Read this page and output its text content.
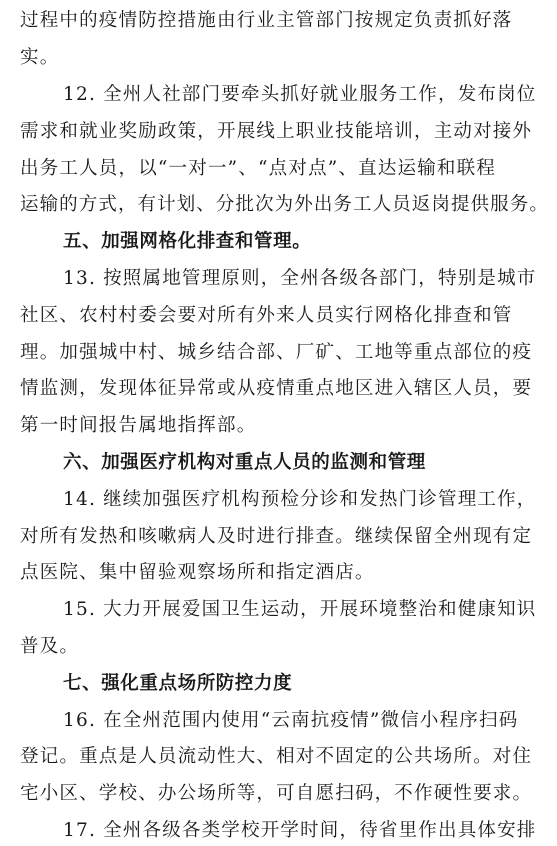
过程中的疫情防控措施由行业主管部门按规定负责抓好落
实。
12. 全州人社部门要牵头抓好就业服务工作，发布岗位
需求和就业奖励政策，开展线上职业技能培训，主动对接外
出务工人员，以“一对一”、“点对点”、直达运输和联程
运输的方式，有计划、分批次为外出务工人员返岗提供服务。
五、加强网格化排查和管理。
13. 按照属地管理原则，全州各级各部门，特别是城市
社区、农村村委会要对所有外来人员实行网格化排查和管
理。加强城中村、城乡结合部、厂矿、工地等重点部位的疫
情监测，发现体征异常或从疫情重点地区进入辖区人员，要
第一时间报告属地指挥部。
六、加强医疗机构对重点人员的监测和管理
14. 继续加强医疗机构预检分诊和发热门诊管理工作，
对所有发热和咳嗽病人及时进行排查。继续保留全州现有定
点医院、集中留验观察场所和指定酒店。
15. 大力开展爱国卫生运动，开展环境整治和健康知识
普及。
七、强化重点场所防控力度
16. 在全州范围内使用“云南抗疫情”微信小程序扫码
登记。重点是人员流动性大、相对不固定的公共场所。对住
宅小区、学校、办公场所等，可自愿扫码，不作硬性要求。
17. 全州各级各类学校开学时间，待省里作出具体安排
